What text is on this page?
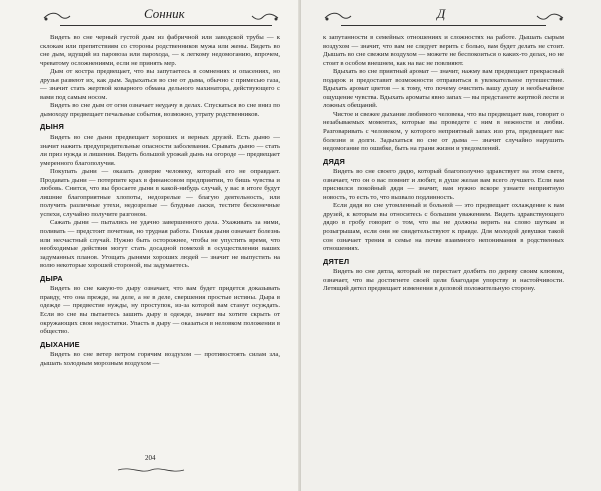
Сонник

Видеть во сне черный густой дым из фабричной или заводской трубы — к склокам или препятствиям со стороны родственников мужа или жены. Видеть во сне дым, идущий из паровоза или парохода, — к легкому недомоганию, впрочем, чреватому осложнениями, если не принять мер.

Дым от костра предвещает, что вы запутаетесь в сомнениях и опасениях, но друзья развеют их, как дым. Задыхаться во сне от дыма, обычно с примесью газа, — значит стать жертвой коварного обмана дельного махинатора, действующего с вами под самым носом.

Видеть во сне дым от огня означает неудачу в делах. Спускаться во сне вниз по дымоходу предвещает печальные события, возможно, утрату родственников.

ДЫНЯ

Видеть во сне дыни предвещает хороших и верных друзей. Есть дыню — значит нажить предупредительные опасности заболевания. Срывать дыню — стать ли приз нужда и лишения. Видеть большой урожай дынь на огороде — предвещает умеренного благополучия.

Покупать дыни — оказать доверие человеку, который его не оправдает. Продавать дыни — потерпите крах в финансовом предприятии, то бишь чувства и любовь. Снится, что вы бросаете дыни в какой-нибудь случай, у вас в итоге будут лишние благоприятные хлопоты, недозрелые — благую деятельность, или получить различные утехи, недозрелые — блудные ласки, тестите бесконечные успехи, случайно получите разгоном.

Сажать дыни — пытались не удачно завершенного дела. Ухаживать за ними, поливать — предстоит почетная, но трудная работа. Гнилая дыня означает болезнь или несчастный случай. Нужно быть осторожнее, чтобы не упустить время, что необходимые действия могут стать досадной помехой в осуществлении ваших задуманных планов. Угощать дынями хороших людей — значит не выпустить на волю некоторые хорошей стороной, вы задумаетесь.

ДЫРА

Видеть во сне какую-то дыру означает, что вам будет придется доказывать правду, что она прежде, на деле, а не в деле, свершения простые истины. Дыра в одежде — предвестие нужды, ну проступок, из-за которой вам станут осуждать. Если во сне вы пытаетесь зашить дыру в одежде, значит вы хотите скрыть от окружающих свои недостатки. Упасть в дыру — оказаться в неловком положении в общество.

ДЫХАНИЕ

Видеть во сне ветер ветром горячим воздухом — противостоять силам зла, дышать холодным морозным воздухом —

204
Д

к запутанности в семейных отношениях и сложностях на работе. Дышать сырым воздухом — значит, что вам не следует верить с болью, вам будет делать не стоит. Дышать во сне свежим воздухом — можете не беспокоиться о каких-то делах, но не стоит в особом внешнем, как на вас не повлияют.

Вдыхать во сне приятный аромат — значит, нажму вам предвещает прекрасный подарок и предоставит возможности отправиться в увлекательное путешествие. Вдыхать аромат цветов — к тому, что почему очистить вашу душу и необычайное ощущение чувства. Вдыхать ароматы явно запах — вы предстанете жертвой лести и ложных обещаний.

Чистое и свежее дыхание любимого человека, что вы предвещает вам, говорит о незабываемых моментах, которые вы проведете с ним в нежности и любви. Разговаривать с человеком, у которого неприятный запах изо рта, предвещает вас болезни и долги. Задыхаться во сне от дыма — значит случайно нарушить недомогание по ошибке, быть на грани жизни и уведомлений.

ДЯДЯ

Видеть во сне своего дядю, который благополучно здравствует на этом свете, означает, что он о вас помнит и любит, в душе желая вам всего лучшего. Если вам приснился покойный дядя — значит, вам нужно вскоре узнаете неприятную новость, то есть то, что вызвало подлинность.

Если дядя во сне утомленный и больной — это предвещает охлаждение к вам друзей, к которым вы относитесь с большим уважением. Видеть здравствующего дядю в гробу говорит о том, что вы не должны верить на слово шуткам и розыгрышам, если они не свидетельствуют к правде. Для молодой девушки такой сон означает трения в семье на почве взаимного непонимания в родственных отношениях.

ДЯТЕЛ

Видеть во сне дятла, который не перестает долбить по дереву своим клювом, означает, что вы достигнете своей цели благодаря упорству и настойчивости. Летящий дятел предвещает изменения в деловой положительную сторону.
